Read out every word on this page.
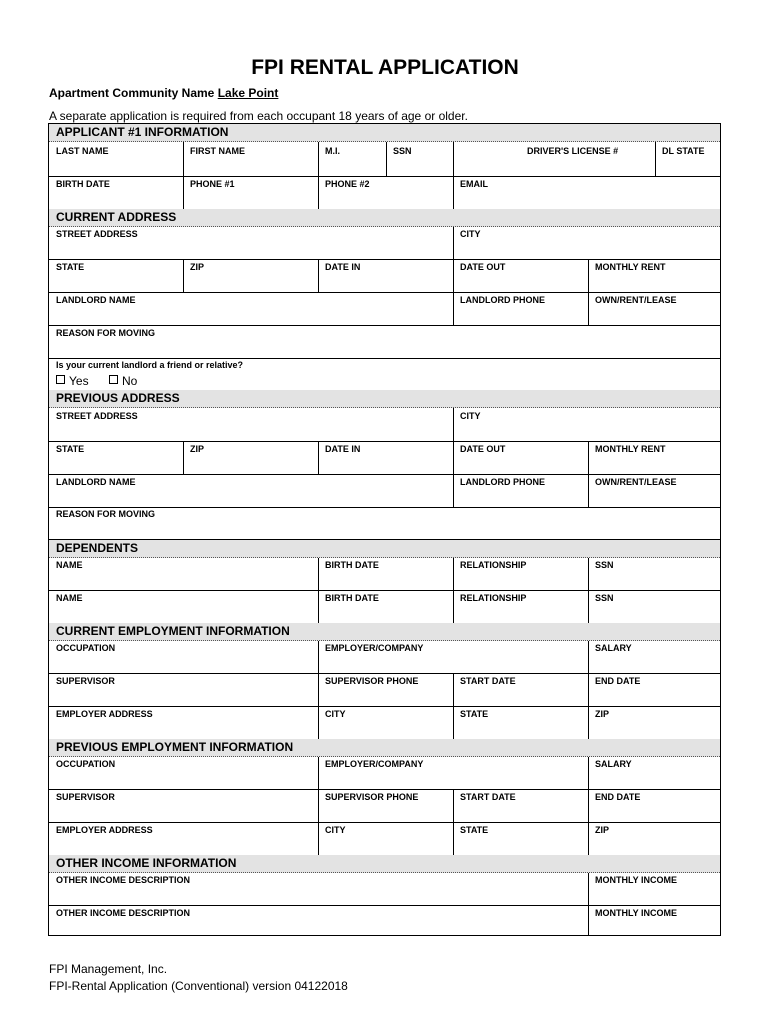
FPI RENTAL APPLICATION
Apartment Community Name Lake Point
A separate application is required from each occupant 18 years of age or older.
APPLICANT #1 INFORMATION
LAST NAME	FIRST NAME	M.I.	SSN	DRIVER'S LICENSE #	DL STATE
BIRTH DATE	PHONE #1	PHONE #2	EMAIL
CURRENT ADDRESS
STREET ADDRESS	CITY
STATE	ZIP	DATE IN	DATE OUT	MONTHLY RENT
LANDLORD NAME	LANDLORD PHONE	OWN/RENT/LEASE
REASON FOR MOVING
Is your current landlord a friend or relative?
Yes	No
PREVIOUS ADDRESS
STREET ADDRESS	CITY
STATE	ZIP	DATE IN	DATE OUT	MONTHLY RENT
LANDLORD NAME	LANDLORD PHONE	OWN/RENT/LEASE
REASON FOR MOVING
DEPENDENTS
NAME	BIRTH DATE	RELATIONSHIP	SSN
NAME	BIRTH DATE	RELATIONSHIP	SSN
CURRENT EMPLOYMENT INFORMATION
OCCUPATION	EMPLOYER/COMPANY	SALARY
SUPERVISOR	SUPERVISOR PHONE	START DATE	END DATE
EMPLOYER ADDRESS	CITY	STATE	ZIP
PREVIOUS EMPLOYMENT INFORMATION
OCCUPATION	EMPLOYER/COMPANY	SALARY
SUPERVISOR	SUPERVISOR PHONE	START DATE	END DATE
EMPLOYER ADDRESS	CITY	STATE	ZIP
OTHER INCOME INFORMATION
OTHER INCOME DESCRIPTION	MONTHLY INCOME
OTHER INCOME DESCRIPTION	MONTHLY INCOME
FPI Management, Inc.
FPI-Rental Application (Conventional) version 04122018
